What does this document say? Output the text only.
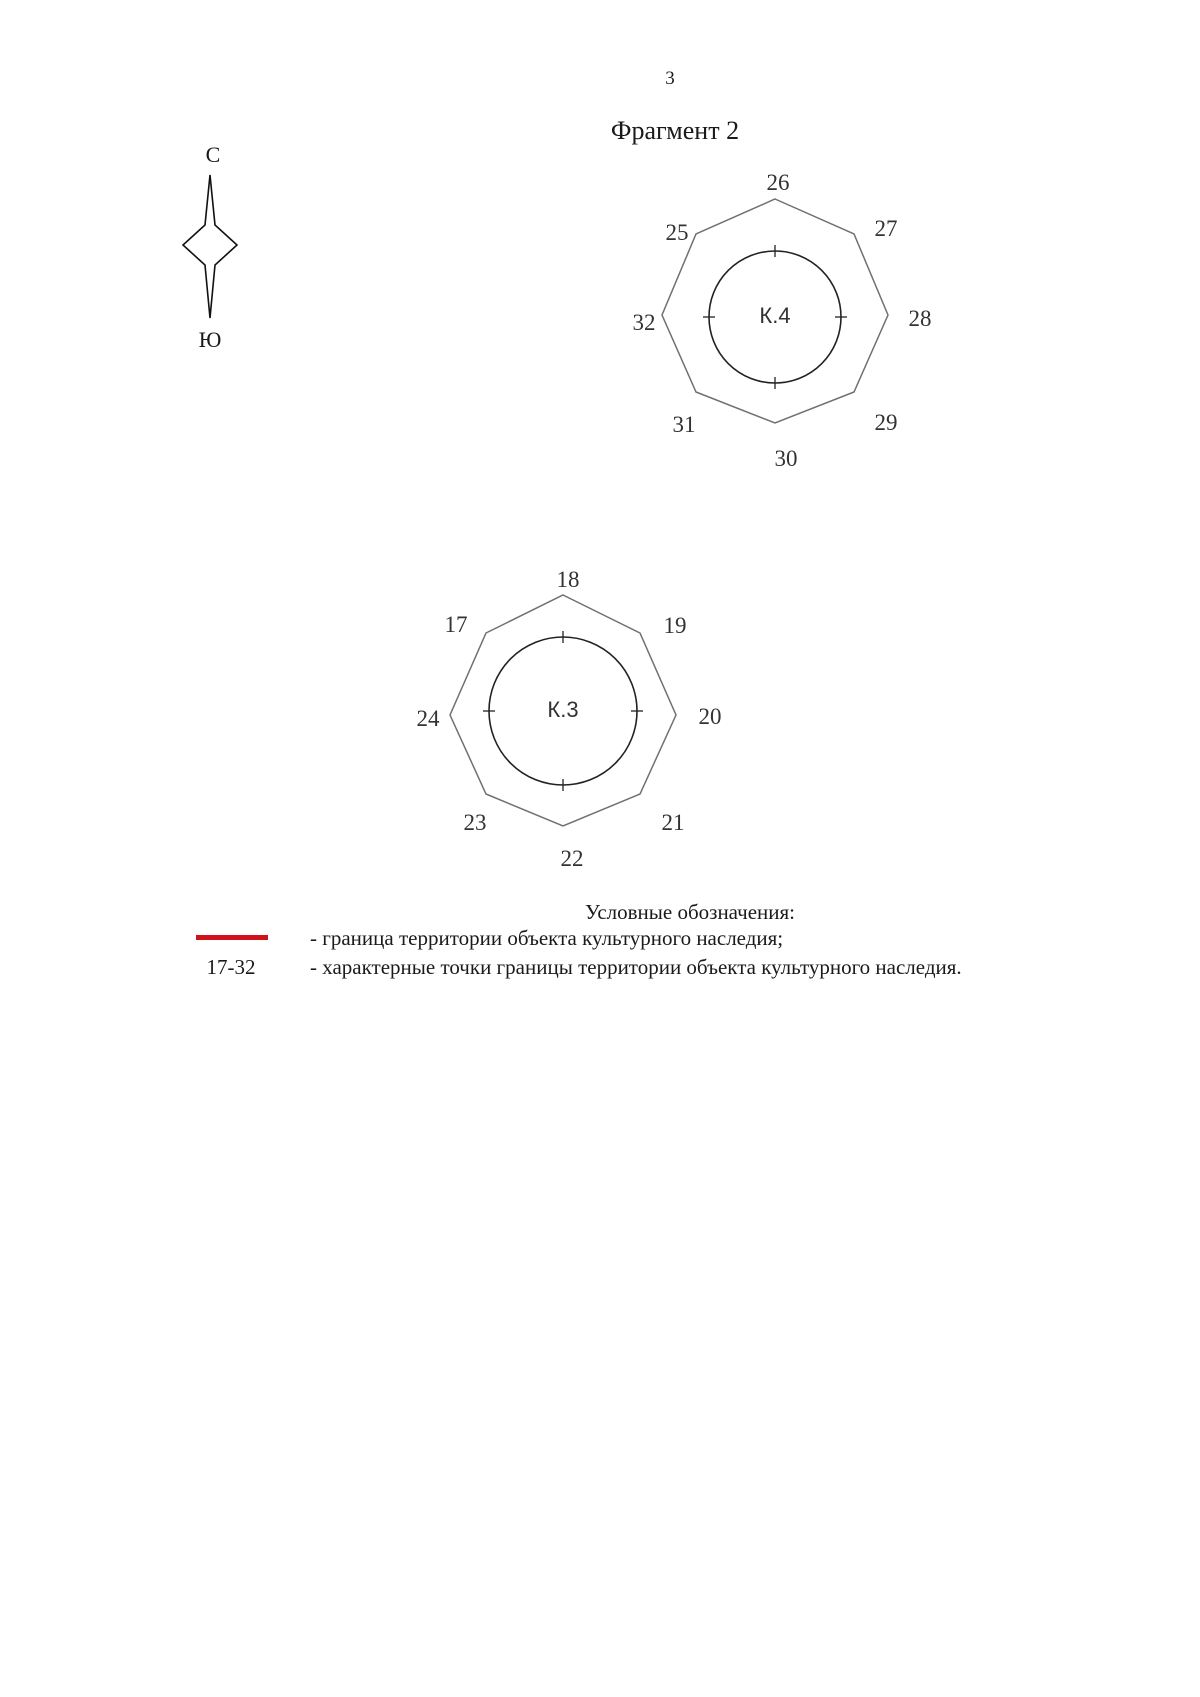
3
Фрагмент 2
С
Ю
К.4
26
27
28
29
30
31
32
25
К.3
18
19
20
21
22
23
24
17
Условные обозначения:
- граница территории объекта культурного наследия;
17-32	- характерные точки границы территории объекта культурного наследия.
